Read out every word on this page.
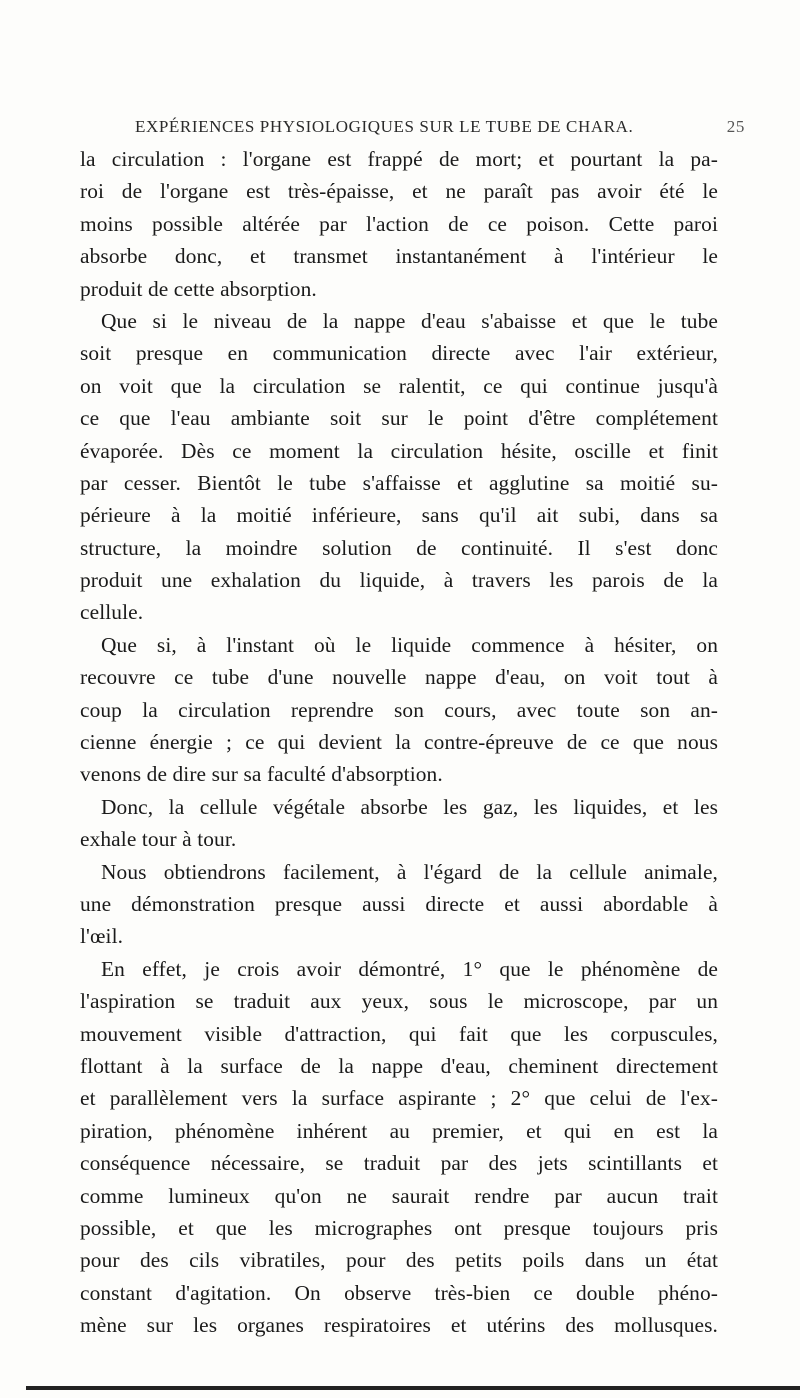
EXPÉRIENCES PHYSIOLOGIQUES SUR LE TUBE DE CHARA.	25
la circulation : l'organe est frappé de mort; et pourtant la pa-
roi de l'organe est très-épaisse, et ne paraît pas avoir été le
moins possible altérée par l'action de ce poison. Cette paroi
absorbe donc, et transmet instantanément à l'intérieur le
produit de cette absorption.
Que si le niveau de la nappe d'eau s'abaisse et que le tube
soit presque en communication directe avec l'air extérieur,
on voit que la circulation se ralentit, ce qui continue jusqu'à
ce que l'eau ambiante soit sur le point d'être complétement
évaporée. Dès ce moment la circulation hésite, oscille et finit
par cesser. Bientôt le tube s'affaisse et agglutine sa moitié su-
périeure à la moitié inférieure, sans qu'il ait subi, dans sa
structure, la moindre solution de continuité. Il s'est donc
produit une exhalation du liquide, à travers les parois de la
cellule.
Que si, à l'instant où le liquide commence à hésiter, on
recouvre ce tube d'une nouvelle nappe d'eau, on voit tout à
coup la circulation reprendre son cours, avec toute son an-
cienne énergie ; ce qui devient la contre-épreuve de ce que nous
venons de dire sur sa faculté d'absorption.
Donc, la cellule végétale absorbe les gaz, les liquides, et les
exhale tour à tour.
Nous obtiendrons facilement, à l'égard de la cellule animale,
une démonstration presque aussi directe et aussi abordable à
l'œil.
En effet, je crois avoir démontré, 1° que le phénomène de
l'aspiration se traduit aux yeux, sous le microscope, par un
mouvement visible d'attraction, qui fait que les corpuscules,
flottant à la surface de la nappe d'eau, cheminent directement
et parallèlement vers la surface aspirante ; 2° que celui de l'ex-
piration, phénomène inhérent au premier, et qui en est la
conséquence nécessaire, se traduit par des jets scintillants et
comme lumineux qu'on ne saurait rendre par aucun trait
possible, et que les micrographes ont presque toujours pris
pour des cils vibratiles, pour des petits poils dans un état
constant d'agitation. On observe très-bien ce double phéno-
mène sur les organes respiratoires et utérins des mollusques.
